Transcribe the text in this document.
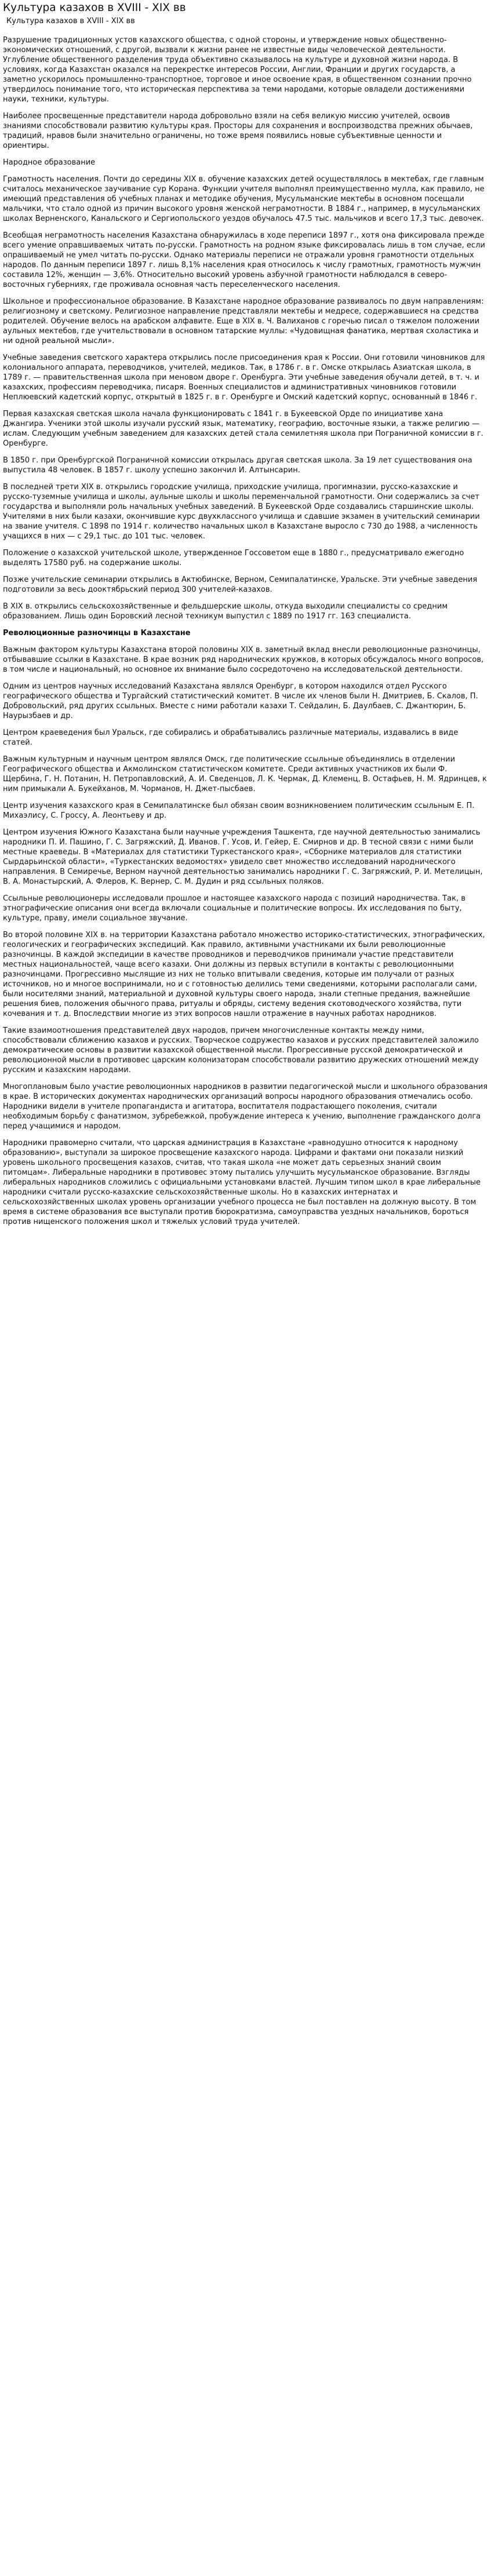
Культура казахов в XVIII - XIX вв
Культура казахов в XVIII - XIX вв

Разрушение традиционных устов казахского общества, с одной стороны, и утверждение новых общественно-экономических отношений, с другой, вызвали к жизни ранее не известные виды человеческой деятельности. Углубление общественного разделения труда объективно сказывалось на культуре и духовной жизни народа. В условиях, когда Казахстан оказался на перекрестке интересов России, Англии, Франции и других государств, а заметно ускорилось промышленно-транспортное, торговое и иное освоение края, в общественном сознании прочно утвердилось понимание того, что историческая перспектива за теми народами, которые овладели достижениями науки, техники, культуры.

Наиболее просвещенные представители народа добровольно взяли на себя великую миссию учителей, освоив знаниями способствовали развитию культуры края. Просторы для сохранения и воспроизводства прежних обычаев, традиций, нравов были значительно ограничены, но тоже время появились новые субъективные ценности и ориентиры.

Народное образование

Грамотность населения. Почти до середины XIX в. обучение казахских детей осуществлялось в мектебах, где главным считалось механическое заучивание сур Корана. Функции учителя выполнял преимущественно мулла, как правило, не имеющий представления об учебных планах и методике обучения, Мусульманские мектебы в основном посещали мальчики, что стало одной из причин высокого уровня женской неграмотности. В 1884 г., например, в мусульманских школах Верненского, Канальского и Сергиопольского уездов обучалось 47.5 тыс. мальчиков и всего 17,3 тыс. девочек.

Всеобщая неграмотность населения Казахстана обнаружилась в ходе переписи 1897 г., хотя она фиксировала прежде всего умение оправшиваемых читать по-русски. Грамотность на родном языке фиксировалась лишь в том случае, если опрашиваемый не умел читать по-русски. Однако материалы переписи не отражали уровня грамотности отдельных народов. По данным переписи 1897 г. лишь 8,1% населения края относилось к числу грамотных, грамотность мужчин составила 12%, женщин — 3,6%. Относительно высокий уровень азбучной грамотности наблюдался в северо-восточных губерниях, где проживала основная часть переселенческого населения.

Школьное и профессиональное образование. В Казахстане народное образование развивалось по двум направлениям: религиозному и светскому. Религиозное направление представляли мектебы и медресе, содержавшиеся на средства родителей. Обучение велось на арабском алфавите. Еще в XIX в. Ч. Валиханов с горечью писал о тяжелом положении аульных мектебов, где учительствовали в основном татарские муллы: «Чудовищная фанатика, мертвая схоластика и ни одной реальной мысли».

Учебные заведения светского характера открылись после присоединения края к России. Они готовили чиновников для колониального аппарата, переводчиков, учителей, медиков. Так, в 1786 г. в г. Омске открылась Азиатская школа, в 1789 г. — правительственная школа при меновом дворе г. Оренбурга. Эти учебные заведения обучали детей, в т. ч. и казахских, профессиям переводчика, писаря. Военных специалистов и административных чиновников готовили Неплюевский кадетский корпус, открытый в 1825 г. в г. Оренбурге и Омский кадетский корпус, основанный в 1846 г.

Первая казахская светская школа начала функционировать с 1841 г. в Букеевской Орде по инициативе хана Джангира. Ученики этой школы изучали русский язык, математику, географию, восточные языки, а также религию — ислам. Следующим учебным заведением для казахских детей стала семилетняя школа при Пограничной комиссии в г. Оренбурге.

В 1850 г. при Оренбургской Пограничной комиссии открылась другая светская школа. За 19 лет существования она выпустила 48 человек. В 1857 г. школу успешно закончил И. Алтынсарин.

В последней трети XIX в. открылись городские училища, приходские училища, прогимназии, русско-казахские и русско-туземные училища и школы, аульные школы и школы переменчальной грамотности. Они содержались за счет государства и выполняли роль начальных учебных заведений. В Букеевской Орде создавались старшинские школы. Учителями в них были казахи, окончившие курс двухклассного училища и сдавшие экзамен в учительский семинарии на звание учителя. С 1898 по 1914 г. количество начальных школ в Казахстане выросло с 730 до 1988, а численность учащихся в них — с 29,1 тыс. до 101 тыс. человек.

Положение о казахской учительской школе, утвержденное Госсоветом еще в 1880 г., предусматривало ежегодно выделять 17580 руб. на содержание школы.

Позже учительские семинарии открылись в Актюбинске, Верном, Семипалатинске, Уральске. Эти учебные заведения подготовили за весь дооктябрьский период 300 учителей-казахов.

В XIX в. открылись сельскохозяйственные и фельдшерские школы, откуда выходили специалисты со средним образованием. Лишь один Боровский лесной техникум выпустил с 1889 по 1917 гг. 163 специалиста.

Революционные разночинцы в Казахстане

Важным фактором культуры Казахстана второй половины XIX в. заметный вклад внесли революционные разночинцы, отбывавшие ссылки в Казахстане. В крае возник ряд народнических кружков, в которых обсуждалось много вопросов, в том числе и национальный, но основное их внимание было сосредоточено на исследовательской деятельности.

Одним из центров научных исследований Казахстана являлся Оренбург, в котором находился отдел Русского географического общества и Тургайский статистический комитет. В числе их членов были Н. Дмитриев, Б. Скалов, П. Добровольский, ряд других ссыльных. Вместе с ними работали казахи Т. Сейдалин, Б. Даулбаев, С. Джантюрин, Б. Наурызбаев и др.

Центром краеведения был Уральск, где собирались и обрабатывались различные материалы, издавались в виде статей.

Важным культурным и научным центром являлся Омск, где политические ссыльные объединялись в отделении Географического общества и Акмолинском статистическом комитете. Среди активных участников их были Ф. Щербина, Г. Н. Потанин, Н. Петропавловский, А. И. Сведенцов, Л. К. Чермак, Д. Клеменц, В. Остафьев, Н. М. Ядринцев, к ним примыкали А. Букейханов, М. Чорманов, Н. Джет-пысбаев.

Центр изучения казахского края в Семипалатинске был обязан своим возникновением политическим ссыльным Е. П. Михаэлису, С. Гроссу, А. Леонтьеву и др.

Центром изучения Южного Казахстана были научные учреждения Ташкента, где научной деятельностью занимались народники П. И. Пашино, Г. С. Загряжский, Д. Иванов. Г. Усов, И. Гейер, Е. Смирнов и др. В тесной связи с ними были местные краеведы. В «Материалах для статистики Туркестанского края», «Сборнике материалов для статистики Сырдарьинской области», «Туркестанских ведомостях» увидело свет множество исследований народнического направления. В Семиречье, Верном научной деятельностью занимались народники Г. С. Загряжский, Р. И. Метелицын, В. А. Монастырский, А. Флеров, К. Вернер, С. М. Дудин и ряд ссыльных поляков.

Ссыльные революционеры исследовали прошлое и настоящее казахского народа с позиций народничества. Так, в этнографические описания они всегда включали социальные и политические вопросы. Их исследования по быту, культуре, праву, имели социальное звучание.

Во второй половине XIX в. на территории Казахстана работало множество историко-статистических, этнографических, геологических и географических экспедиций. Как правило, активными участниками их были революционные разночинцы. В каждой экспедиции в качестве проводников и переводчиков принимали участие представители местных национальностей, чаще всего казахи. Они должны из первых вступили в контакты с революционными разночинцами. Прогрессивно мыслящие из них не только впитывали сведения, которые им получали от разных источников, но и многое воспринимали, но и с готовностью делились теми сведениями, которыми располагали сами, были носителями знаний, материальной и духовной культуры своего народа, знали степные предания, важнейшие решения биев, положения обычного права, ритуалы и обряды, систему ведения скотоводческого хозяйства, пути кочевания и т. д. Впоследствии многие из этих вопросов нашли отражение в научных работах народников.

Такие взаимоотношения представителей двух народов, причем многочисленные контакты между ними, способствовали сближению казахов и русских. Творческое содружество казахов и русских представителей заложило демократические основы в развитии казахской общественной мысли. Прогрессивные русской демократической и революционной мысли в противовес царским колонизаторам способствовали развитию дружеских отношений между русским и казахским народами.

Многоплановым было участие революционных народников в развитии педагогической мысли и школьного образования в крае. В исторических документах народнических организаций вопросы народного образования отмечались особо. Народники видели в учителе пропагандиста и агитатора, воспитателя подрастающего поколения, считали необходимым борьбу с фанатизмом, зубребежкой, пробуждение интереса к учению, выполнение гражданского долга перед учащимися и народом.

Народники правомерно считали, что царская администрация в Казахстане «равнодушно относится к народному образованию», выступали за широкое просвещение казахского народа. Цифрами и фактами они показали низкий уровень школьного просвещения казахов, считав, что такая школа «не может дать серьезных знаний своим питомцам». Либеральные народники в противовес этому пытались улучшить мусульманское образование. Взгляды либеральных народников сложились с официальными установками властей. Лучшим типом школ в крае либеральные народники считали русско-казахские сельскохозяйственные школы. Но в казахских интернатах и сельскохозяйственных школах уровень организации учебного процесса не был поставлен на должную высоту. В том время в системе образования все выступали против бюрократизма, самоуправства уездных начальников, бороться против нищенского положения школ и тяжелых условий труда учителей.
